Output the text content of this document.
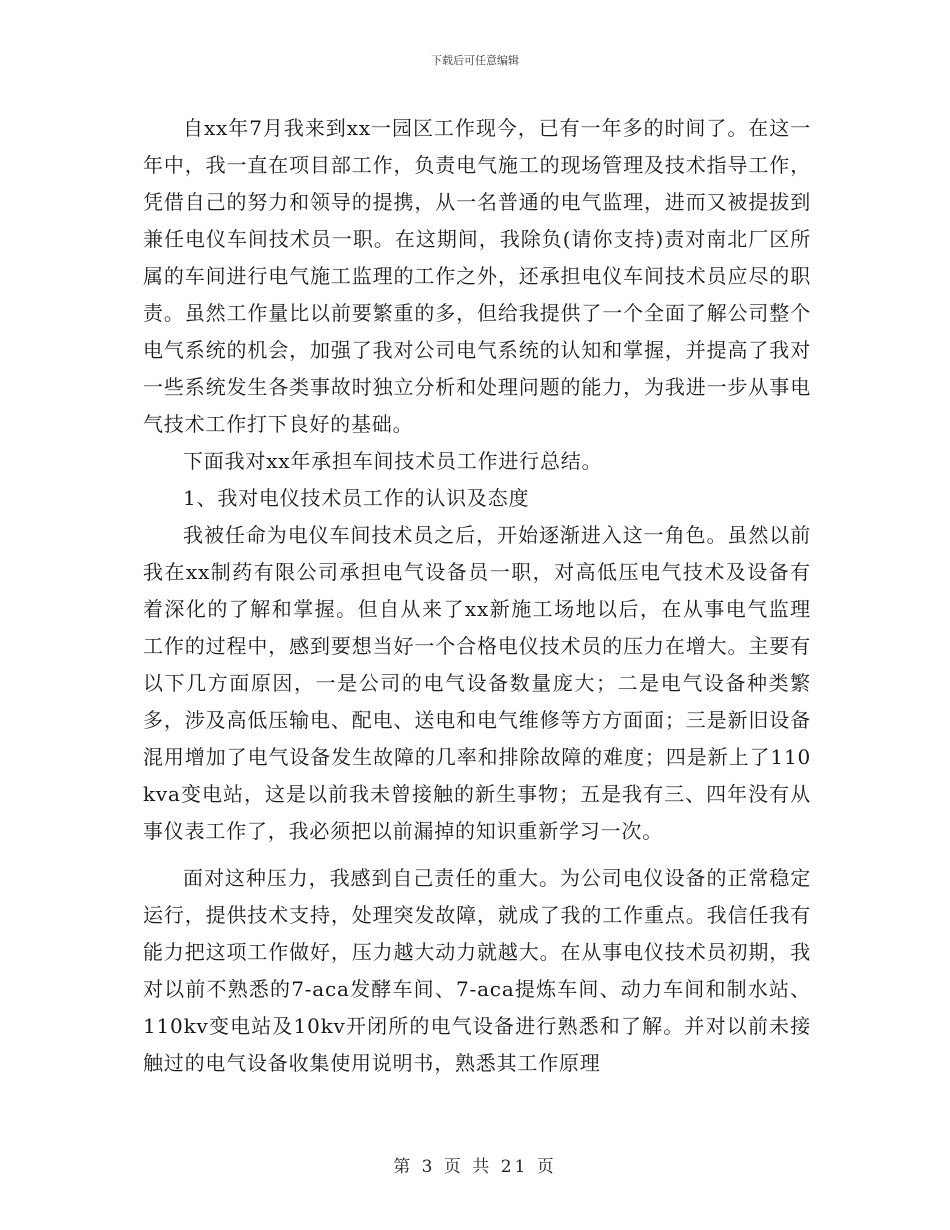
下载后可任意编辑

自xx年7月我来到xx一园区工作现今，已有一年多的时间了。在这一年中，我一直在项目部工作，负责电气施工的现场管理及技术指导工作，凭借自己的努力和领导的提携，从一名普通的电气监理，进而又被提拔到兼任电仪车间技术员一职。在这期间，我除负(请你支持)责对南北厂区所属的车间进行电气施工监理的工作之外，还承担电仪车间技术员应尽的职责。虽然工作量比以前要繁重的多，但给我提供了一个全面了解公司整个电气系统的机会，加强了我对公司电气系统的认知和掌握，并提高了我对一些系统发生各类事故时独立分析和处理问题的能力，为我进一步从事电气技术工作打下良好的基础。

下面我对xx年承担车间技术员工作进行总结。

1、我对电仪技术员工作的认识及态度

我被任命为电仪车间技术员之后，开始逐渐进入这一角色。虽然以前我在xx制药有限公司承担电气设备员一职，对高低压电气技术及设备有着深化的了解和掌握。但自从来了xx新施工场地以后，在从事电气监理工作的过程中，感到要想当好一个合格电仪技术员的压力在增大。主要有以下几方面原因，一是公司的电气设备数量庞大；二是电气设备种类繁多，涉及高低压输电、配电、送电和电气维修等方方面面；三是新旧设备混用增加了电气设备发生故障的几率和排除故障的难度；四是新上了110kva变电站，这是以前我未曾接触的新生事物；五是我有三、四年没有从事仪表工作了，我必须把以前漏掉的知识重新学习一次。

面对这种压力，我感到自己责任的重大。为公司电仪设备的正常稳定运行，提供技术支持，处理突发故障，就成了我的工作重点。我信任我有能力把这项工作做好，压力越大动力就越大。在从事电仪技术员初期，我对以前不熟悉的7-aca发酵车间、7-aca提炼车间、动力车间和制水站、110kv变电站及10kv开闭所的电气设备进行熟悉和了解。并对以前未接触过的电气设备收集使用说明书，熟悉其工作原理

第 3 页 共 21 页
